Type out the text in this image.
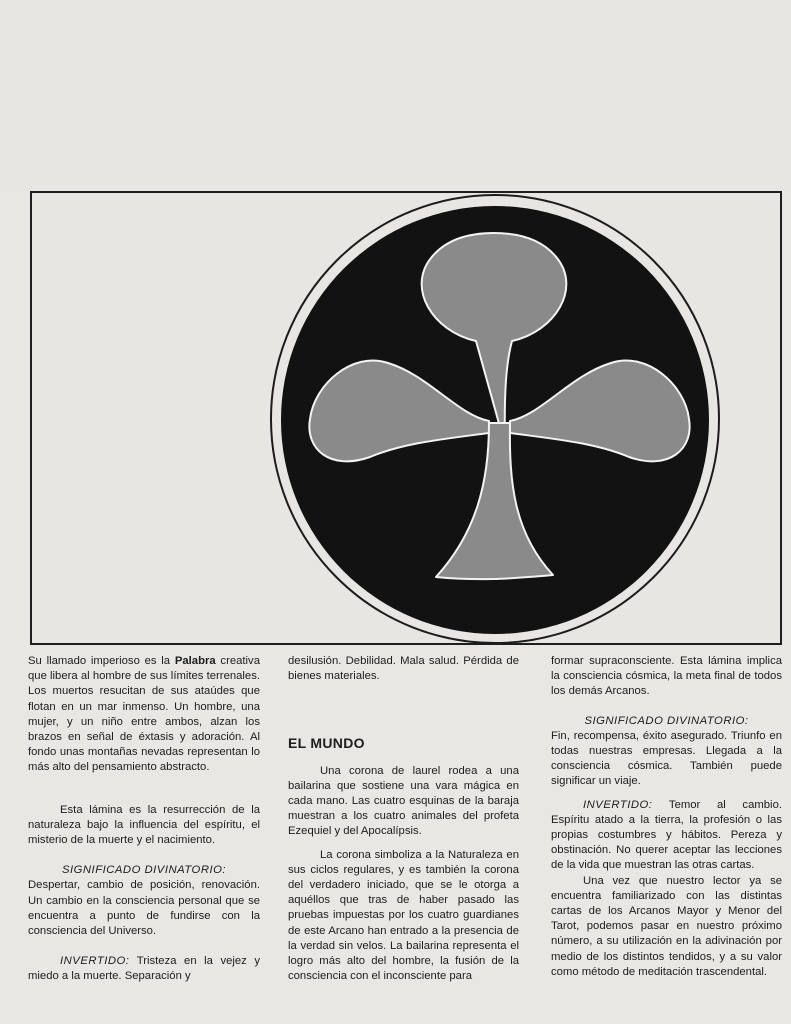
Su llamado imperioso es la Palabra creativa que libera al hombre de sus límites terrenales. Los muertos resucitan de sus ataúdes que flotan en un mar inmenso. Un hombre, una mujer, y un niño entre ambos, alzan los brazos en señal de éxtasis y adoración. Al fondo unas montañas nevadas representan lo más alto del pensamiento abstracto.

Esta lámina es la resurrección de la naturaleza bajo la influencia del espíritu, el misterio de la muerte y el nacimiento.

SIGNIFICADO DIVINATORIO:

Despertar, cambio de posición, renovación. Un cambio en la consciencia personal que se encuentra a punto de fundirse con la consciencia del Universo.

INVERTIDO: Tristeza en la vejez y miedo a la muerte. Separación y

desilusión. Debilidad. Mala salud. Pérdida de bienes materiales.

EL MUNDO

Una corona de laurel rodea a una bailarina que sostiene una vara mágica en cada mano. Las cuatro esquinas de la baraja muestran a los cuatro animales del profeta Ezequiel y del Apocalípsis.

La corona simboliza a la Naturaleza en sus ciclos regulares, y es también la corona del verdadero iniciado, que se le otorga a aquéllos que tras de haber pasado las pruebas impuestas por los cuatro guardianes de este Arcano han entrado a la presencia de la verdad sin velos. La bailarina representa el logro más alto del hombre, la fusión de la consciencia con el inconsciente para

formar supraconsciente. Esta lámina implica la consciencia cósmica, la meta final de todos los demás Arcanos.

SIGNIFICADO DIVINATORIO:

Fin, recompensa, éxito asegurado. Triunfo en todas nuestras empresas. Llegada a la consciencia cósmica. También puede significar un viaje.

INVERTIDO: Temor al cambio. Espíritu atado a la tierra, la profesión o las propias costumbres y hábitos. Pereza y obstinación. No querer aceptar las lecciones de la vida que muestran las otras cartas.

Una vez que nuestro lector ya se encuentra familiarizado con las distintas cartas de los Arcanos Mayor y Menor del Tarot, podemos pasar en nuestro próximo número, a su utilización en la adivinación por medio de los distintos tendidos, y a su valor como método de meditación trascendental.
